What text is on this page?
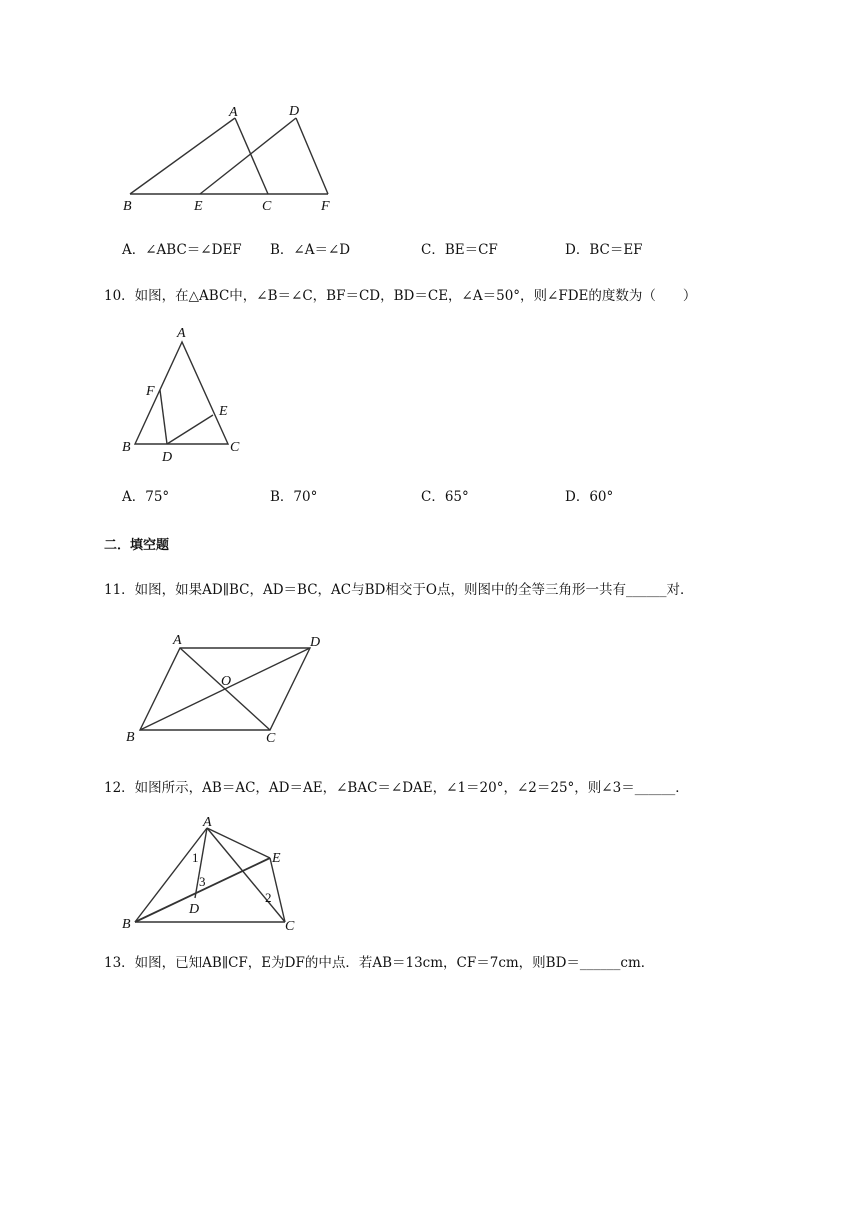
A	D
B	E	C	F
A．∠ABC＝∠DEF B．∠A＝∠D	C．BE＝CF	D．BC＝EF
10．如图，在△ABC中，∠B＝∠C，BF＝CD，BD＝CE，∠A＝50°，则∠FDE的度数为（　　）
A
F
E
B
D
C
A．75°	B．70°	C．65°	D．60°
二．填空题
11．如图，如果AD∥BC，AD＝BC，AC与BD相交于O点，则图中的全等三角形一共有______对．
A	D
O
B	C
12．如图所示，AB＝AC，AD＝AE，∠BAC＝∠DAE，∠1＝20°，∠2＝25°，则∠3＝______．
A
E
B
D
C
1
3
2
13．如图，已知AB∥CF，E为DF的中点．若AB＝13cm，CF＝7cm，则BD＝______cm．
